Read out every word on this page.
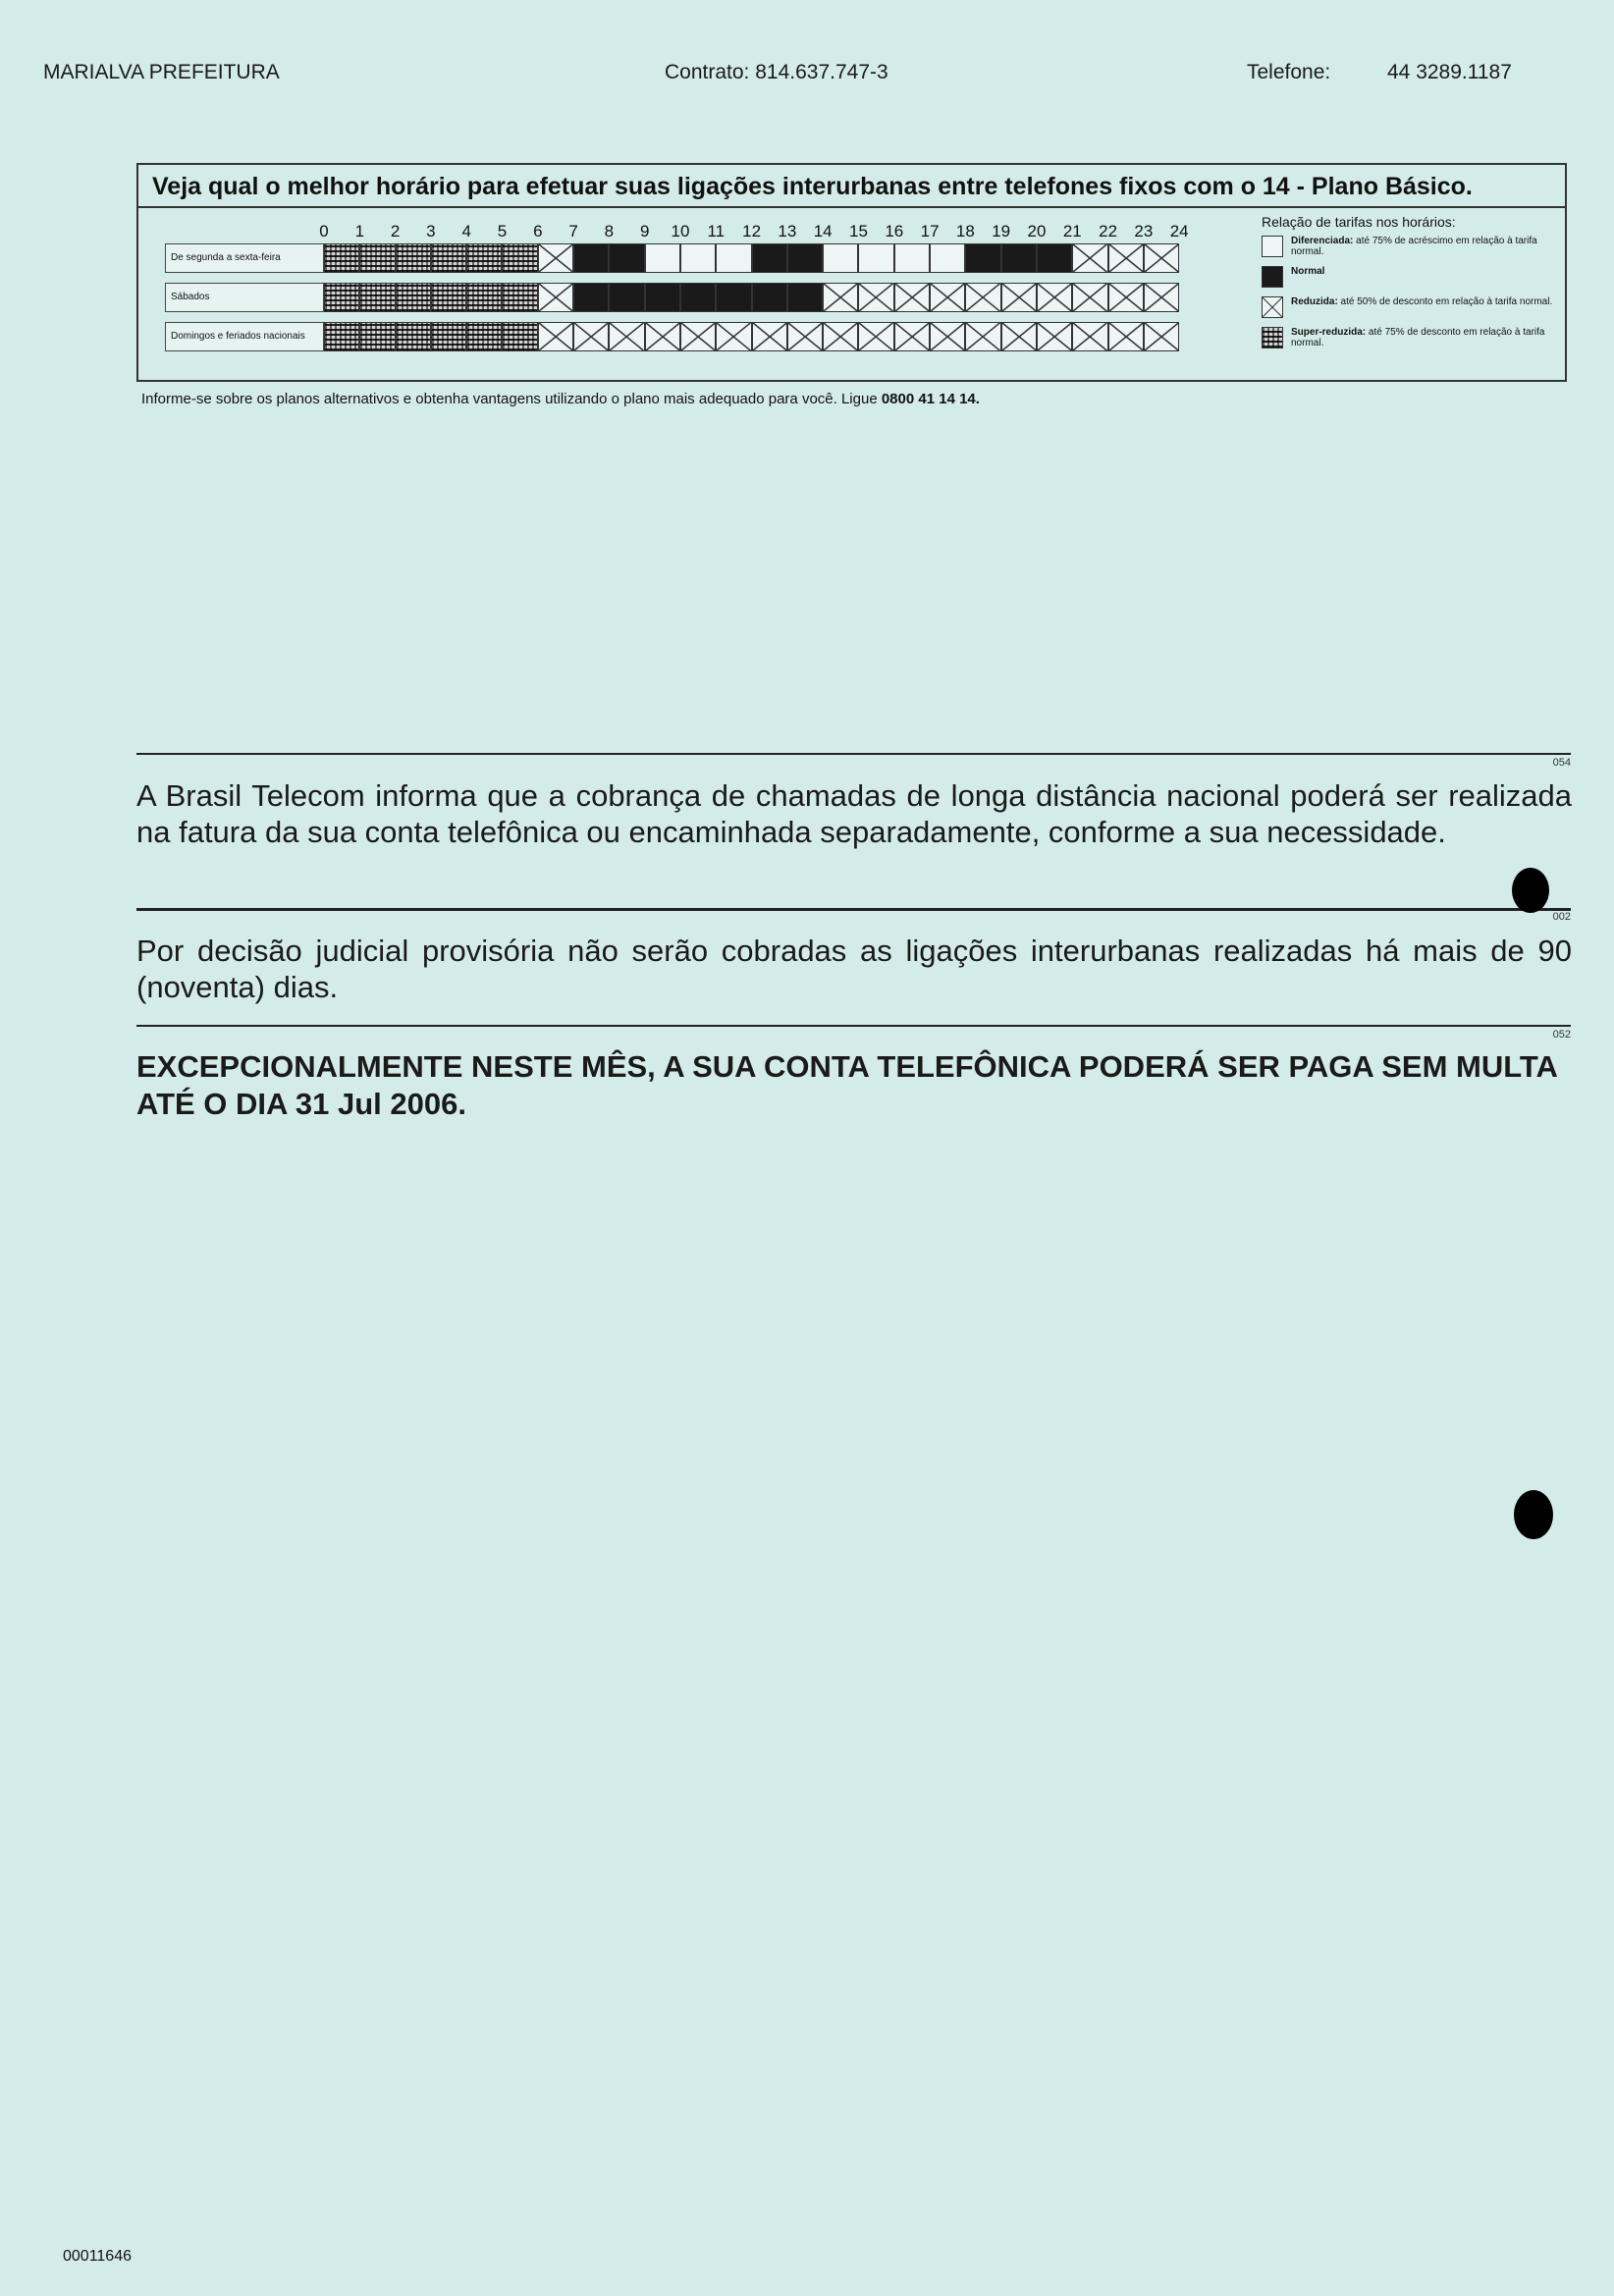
MARIALVA PREFEITURA	Contrato: 814.637.747-3	Telefone:	44 3289.1187
Veja qual o melhor horário para efetuar suas ligações interurbanas entre telefones fixos com o 14 - Plano Básico.
0	1	2	3	4	5	6	7	8	9	10	11	12 13 14 15 16 17 18 19 20 21 22 23 24
De segunda a sexta-feira
Sábados
Domingos e feriados nacionais
Relação de tarifas nos horários:
Diferenciada: até 75% de acréscimo em relação à tarifa normal.
Normal
Reduzida: até 50% de desconto em relação à tarifa normal.
Super-reduzida: até 75% de desconto em relação à tarifa normal.
Informe-se sobre os planos alternativos e obtenha vantagens utilizando o plano mais adequado para você. Ligue 0800 41 14 14.
054
A Brasil Telecom informa que a cobrança de chamadas de longa distância nacional poderá ser realizada na fatura da sua conta telefônica ou encaminhada separadamente, conforme a sua necessidade.
002
Por decisão judicial provisória não serão cobradas as ligações interurbanas realizadas há mais de 90 (noventa) dias.
052
EXCEPCIONALMENTE NESTE MÊS, A SUA CONTA TELEFÔNICA PODERÁ SER PAGA SEM MULTA ATÉ O DIA 31 Jul 2006.
00011646
